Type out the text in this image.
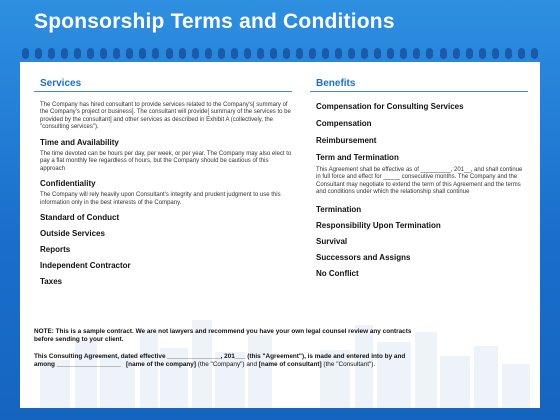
Sponsorship Terms and Conditions
Services
The Company has hired consultant to provide services related to the Company's[ summary of the Company's project or business]. The consultant will provide[ summary of the services to be provided by the consultant] and other services as described in Exhibit A (collectively, the "consulting services").
Time and Availability
The time devoted can be hours per day, per week, or per year. The Company may also elect to pay a flat monthly fee regardless of hours, but the Company should be cautious of this approach
Confidentiality
The Company will rely heavily upon Consultant's integrity and prudent judgment to use this information only in the best interests of the Company.
Standard of Conduct
Outside Services
Reports
Independent Contractor
Taxes
Benefits
Compensation for Consulting Services
Compensation
Reimbursement
Term and Termination
This Agreement shall be effective as of _________, 201__, and shall continue in full force and effect for _____ consecutive months. The Company and the Consultant may negotiate to extend the term of this Agreement and the terms and conditions under which the relationship shall continue
Termination
Responsibility Upon Termination
Survival
Successors and Assigns
No Conflict
NOTE: This is a sample contract. We are not lawyers and recommend you have your own legal counsel review any contracts
before sending to your client.
This Consulting Agreement, dated effective _______________, 201___ (this "Agreement"), is made and entered into by and
among __________________ [name of the company] (the "Company") and [name of consultant] (the "Consultant").
